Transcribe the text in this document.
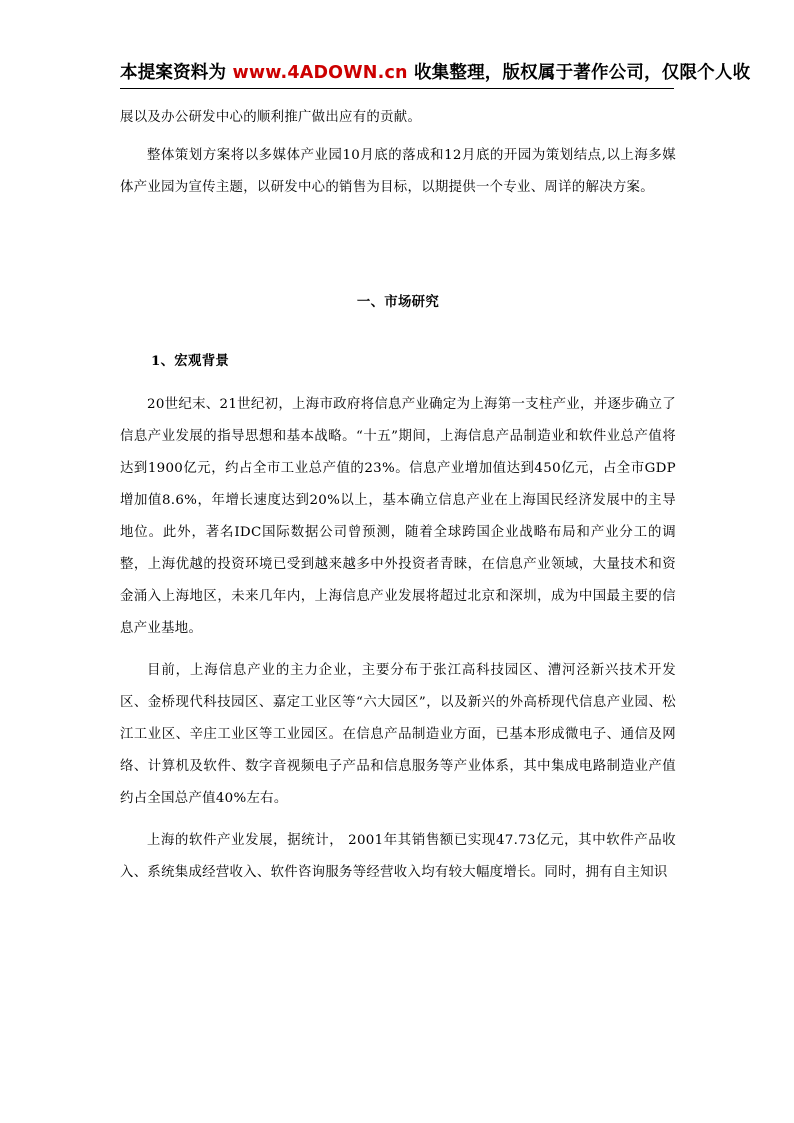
本提案资料为 www.4ADOWN.cn 收集整理，版权属于著作公司，仅限个人收

展以及办公研发中心的顺利推广做出应有的贡献。

整体策划方案将以多媒体产业园10月底的落成和12月底的开园为策划结点,以上海多媒体产业园为宣传主题，以研发中心的销售为目标，以期提供一个专业、周详的解决方案。

一、市场研究

1、宏观背景

20世纪末、21世纪初，上海市政府将信息产业确定为上海第一支柱产业，并逐步确立了信息产业发展的指导思想和基本战略。“十五”期间，上海信息产品制造业和软件业总产值将达到1900亿元，约占全市工业总产值的23%。信息产业增加值达到450亿元，占全市GDP增加值8.6%，年增长速度达到20%以上，基本确立信息产业在上海国民经济发展中的主导地位。此外，著名IDC国际数据公司曾预测，随着全球跨国企业战略布局和产业分工的调整，上海优越的投资环境已受到越来越多中外投资者青睐，在信息产业领域，大量技术和资金涌入上海地区，未来几年内，上海信息产业发展将超过北京和深圳，成为中国最主要的信息产业基地。

目前，上海信息产业的主力企业，主要分布于张江高科技园区、漕河泾新兴技术开发区、金桥现代科技园区、嘉定工业区等“六大园区”，以及新兴的外高桥现代信息产业园、松江工业区、辛庄工业区等工业园区。在信息产品制造业方面，已基本形成微电子、通信及网络、计算机及软件、数字音视频电子产品和信息服务等产业体系，其中集成电路制造业产值约占全国总产值40%左右。

上海的软件产业发展，据统计， 2001年其销售额已实现47.73亿元，其中软件产品收入、系统集成经营收入、软件咨询服务等经营收入均有较大幅度增长。同时，拥有自主知识
